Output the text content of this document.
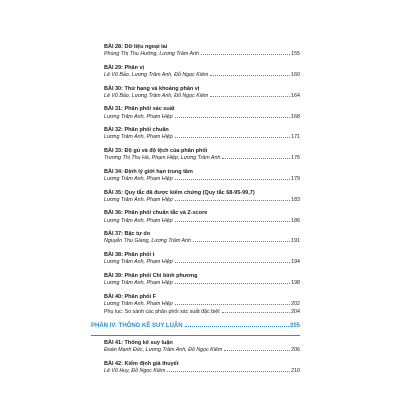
BÀI 28: Dữ liệu ngoại lai
Phùng Thị Thu Hường, Lương Trâm Anh	155
BÀI 29: Phân vị
Lê Vũ Bảo, Lương Trâm Anh, Đỗ Ngọc Kiêm	160
BÀI 30: Thứ hạng và khoảng phân vị
Lê Vũ Bảo, Lương Trâm Anh, Đỗ Ngọc Kiêm	164
BÀI 31: Phân phối xác suất
Lương Trâm Anh, Phạm Hiệp	168
BÀI 32: Phân phối chuẩn
Lương Trâm Anh, Phạm Hiệp	171
BÀI 33: Độ gù và độ lệch của phân phối
Trương Thị Thu Hà, Phạm Hiệp, Lương Trâm Anh	176
BÀI 34: Định lý giới hạn trung tâm
Lương Trâm Anh, Phạm Hiệp	179
BÀI 35: Quy tắc đã được kiểm chứng (Quy tắc 68-95-99,7)
Lương Trâm Anh, Phạm Hiệp	183
BÀI 36: Phân phối chuẩn tắc và Z-score
Lương Trâm Anh, Phạm Hiệp	186
BÀI 37: Bậc tự do
Nguyễn Thu Giang, Lương Trâm Anh	191
BÀI 38: Phân phối t
Lương Trâm Anh, Phạm Hiệp	194
BÀI 39: Phân phối Chi bình phương
Lương Trâm Anh, Phạm Hiệp	198
BÀI 40: Phân phối F
Lương Trâm Anh, Phạm Hiệp	202
Phụ lục: So sánh các phân phối xác suất đặc biệt	204
PHẦN IV: THỐNG KÊ SUY LUẬN	205
BÀI 41: Thống kê suy luận
Đoàn Mạnh Đức, Lương Trâm Anh, Đỗ Ngọc Kiêm	206
BÀI 42: Kiểm định giả thuyết
Lê Vũ Huy, Đỗ Ngọc Kiêm	210
